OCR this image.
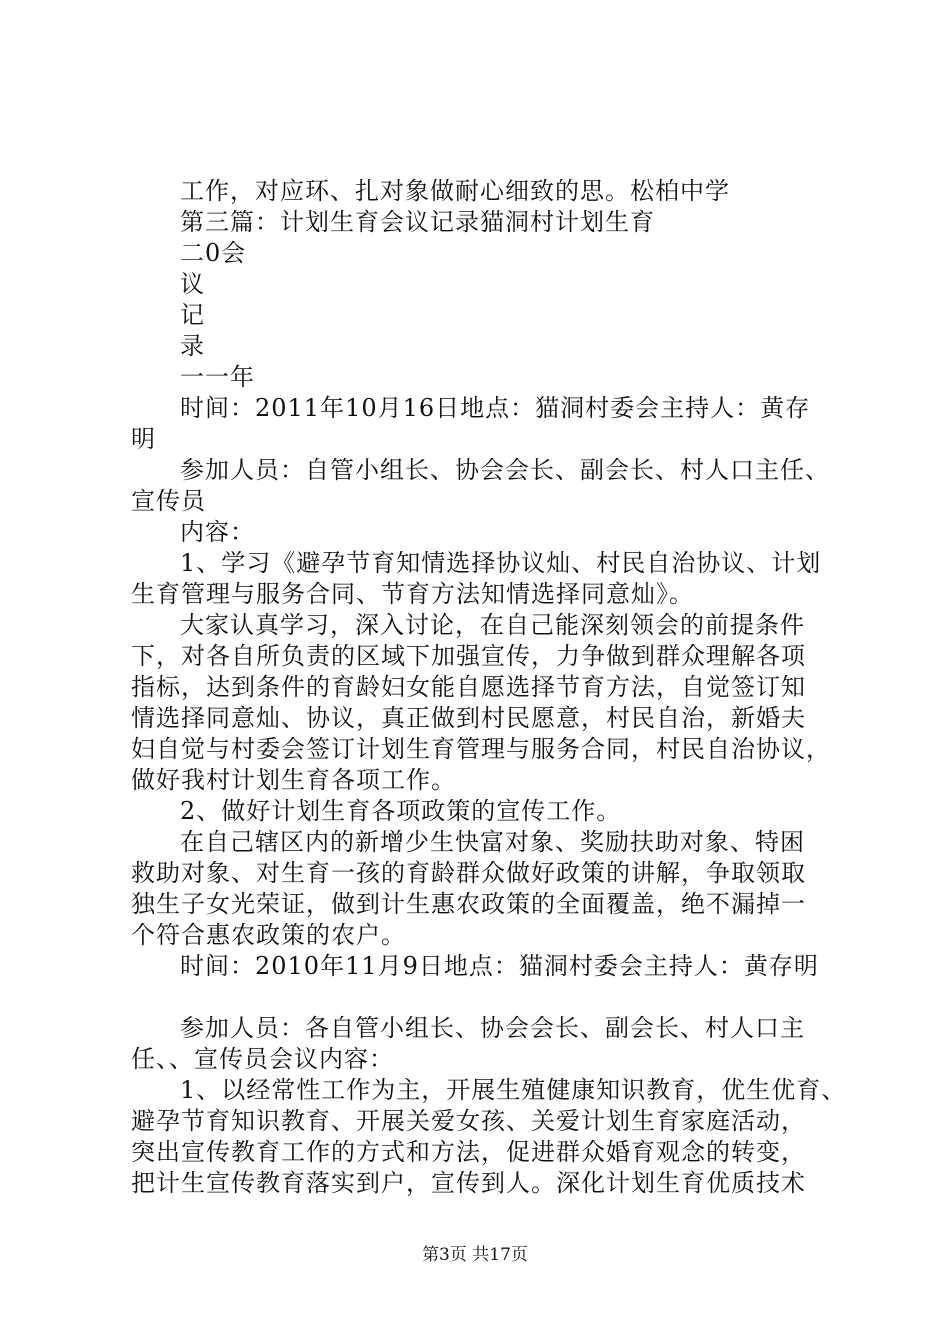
工作，对应环、扎对象做耐心细致的思。松柏中学
第三篇：计划生育会议记录猫洞村计划生育
二0会
议
记
录
一一年
时间：2011年10月16日地点：猫洞村委会主持人：黄存
明
参加人员：自管小组长、协会会长、副会长、村人口主任、
宣传员
内容：
1、学习《避孕节育知情选择协议灿、村民自治协议、计划
生育管理与服务合同、节育方法知情选择同意灿》。
大家认真学习，深入讨论，在自己能深刻领会的前提条件
下，对各自所负责的区域下加强宣传，力争做到群众理解各项
指标，达到条件的育龄妇女能自愿选择节育方法，自觉签订知
情选择同意灿、协议，真正做到村民愿意，村民自治，新婚夫
妇自觉与村委会签订计划生育管理与服务合同，村民自治协议，
做好我村计划生育各项工作。
2、做好计划生育各项政策的宣传工作。
在自己辖区内的新增少生快富对象、奖励扶助对象、特困
救助对象、对生育一孩的育龄群众做好政策的讲解，争取领取
独生子女光荣证，做到计生惠农政策的全面覆盖，绝不漏掉一
个符合惠农政策的农户。
时间：2010年11月9日地点：猫洞村委会主持人：黄存明
参加人员：各自管小组长、协会会长、副会长、村人口主
任、、宣传员会议内容：
1、以经常性工作为主，开展生殖健康知识教育，优生优育、
避孕节育知识教育、开展关爱女孩、关爱计划生育家庭活动，
突出宣传教育工作的方式和方法，促进群众婚育观念的转变，
把计生宣传教育落实到户，宣传到人。深化计划生育优质技术
第3页 共17页
